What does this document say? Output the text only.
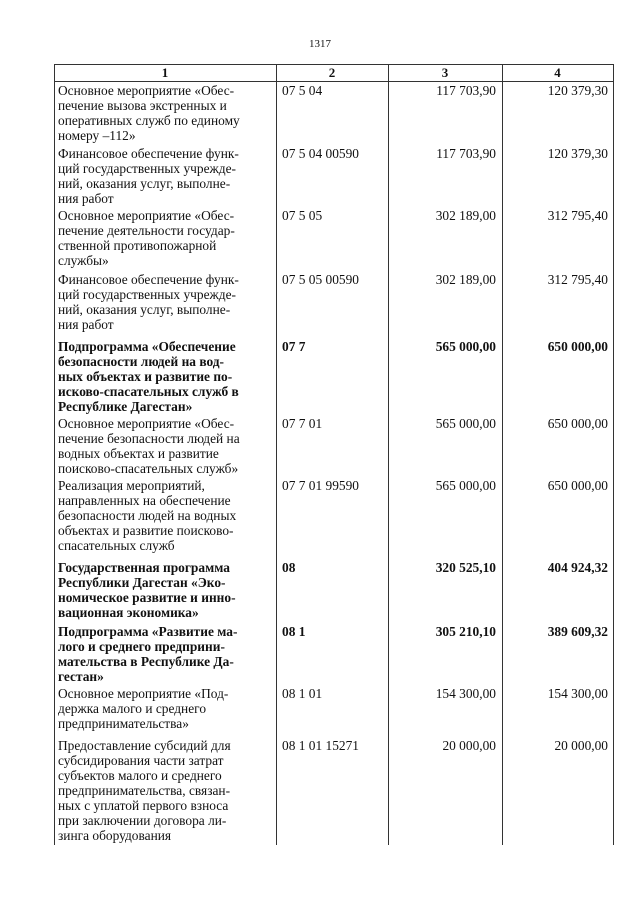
1317
1	2	3	4
Основное мероприятие «Обес-
печение вызова экстренных и
оперативных служб по единому
номеру –112»
07 5 04	117 703,90	120 379,30
Финансовое обеспечение функ-
ций государственных учрежде-
ний, оказания услуг, выполне-
ния работ
07 5 04 00590	117 703,90	120 379,30
Основное мероприятие «Обес-
печение деятельности государ-
ственной противопожарной
службы»
07 5 05	302 189,00	312 795,40
Финансовое обеспечение функ-
ций государственных учрежде-
ний, оказания услуг, выполне-
ния работ
07 5 05 00590	302 189,00	312 795,40
Подпрограмма «Обеспечение
безопасности людей на вод-
ных объектах и развитие по-
исково-спасательных служб в
Республике Дагестан»
07 7	565 000,00	650 000,00
Основное мероприятие «Обес-
печение безопасности людей на
водных объектах и развитие
поисково-спасательных служб»
07 7 01	565 000,00	650 000,00
Реализация мероприятий,
направленных на обеспечение
безопасности людей на водных
объектах и развитие поисково-
спасательных служб
07 7 01 99590	565 000,00	650 000,00
Государственная программа
Республики Дагестан «Эко-
номическое развитие и инно-
вационная экономика»
08	320 525,10	404 924,32
Подпрограмма «Развитие ма-
лого и среднего предприни-
мательства в Республике Да-
гестан»
08 1	305 210,10	389 609,32
Основное мероприятие «Под-
держка малого и среднего
предпринимательства»
08 1 01	154 300,00	154 300,00
Предоставление субсидий для
субсидирования части затрат
субъектов малого и среднего
предпринимательства, связан-
ных с уплатой первого взноса
при заключении договора ли-
зинга оборудования
08 1 01 15271	20 000,00	20 000,00
